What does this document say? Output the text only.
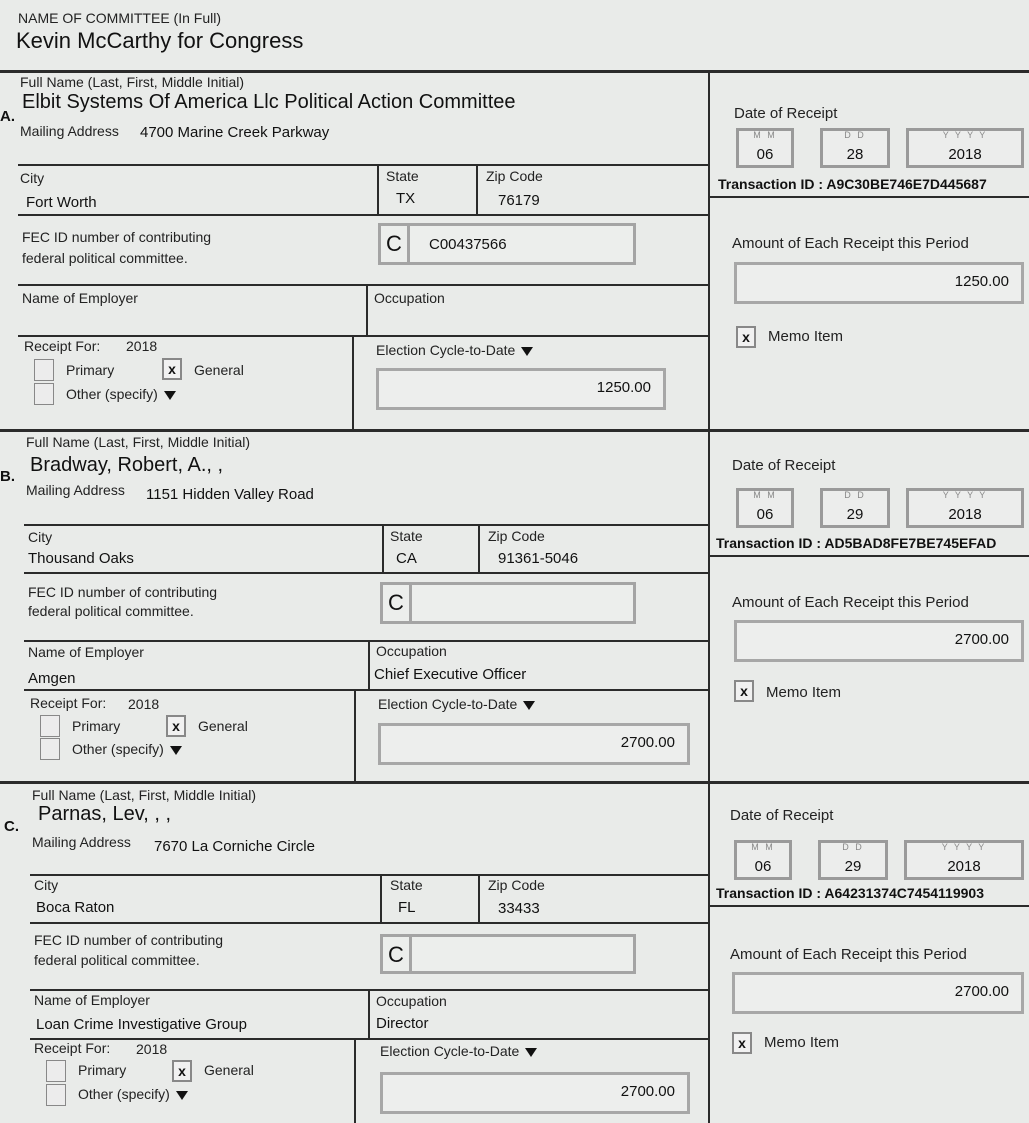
NAME OF COMMITTEE (In Full)
Kevin McCarthy for Congress
Full Name (Last, First, Middle Initial)
A.
Elbit Systems Of America Llc Political Action Committee
Mailing Address 4700 Marine Creek Parkway
City
Fort Worth
State
TX
Zip Code
76179
FEC ID number of contributing
federal political committee.
C	C00437566
Name of Employer	Occupation
Receipt For: 2018
Primary	x	General
Other (specify)
Election Cycle-to-Date
1250.00
Date of Receipt
M M
06
D D
28
Y Y Y Y
2018
Transaction ID : A9C30BE746E7D445687
Amount of Each Receipt this Period
1250.00
x	Memo Item
Full Name (Last, First, Middle Initial)
B.
Bradway, Robert, A., ,
Mailing Address 1151 Hidden Valley Road
City
Thousand Oaks
State
CA
Zip Code
91361-5046
FEC ID number of contributing
federal political committee.	C
Name of Employer
Amgen
Occupation
Chief Executive Officer
Receipt For: 2018
Primary	x	General
Other (specify)
Election Cycle-to-Date
2700.00
Date of Receipt
M M
06
D D
29
Y Y Y Y
2018
Transaction ID : AD5BAD8FE7BE745EFAD
Amount of Each Receipt this Period
2700.00
x	Memo Item
Full Name (Last, First, Middle Initial)
C.
Parnas, Lev, , ,
Mailing Address 7670 La Corniche Circle
City
Boca Raton
State
FL
Zip Code
33433
FEC ID number of contributing
federal political committee.	C
Name of Employer
Loan Crime Investigative Group
Occupation
Director
Receipt For: 2018
Primary	x	General
Other (specify)
Election Cycle-to-Date
2700.00
Date of Receipt
M M
06
D D
29
Y Y Y Y
2018
Transaction ID : A64231374C7454119903
Amount of Each Receipt this Period
2700.00
x	Memo Item
